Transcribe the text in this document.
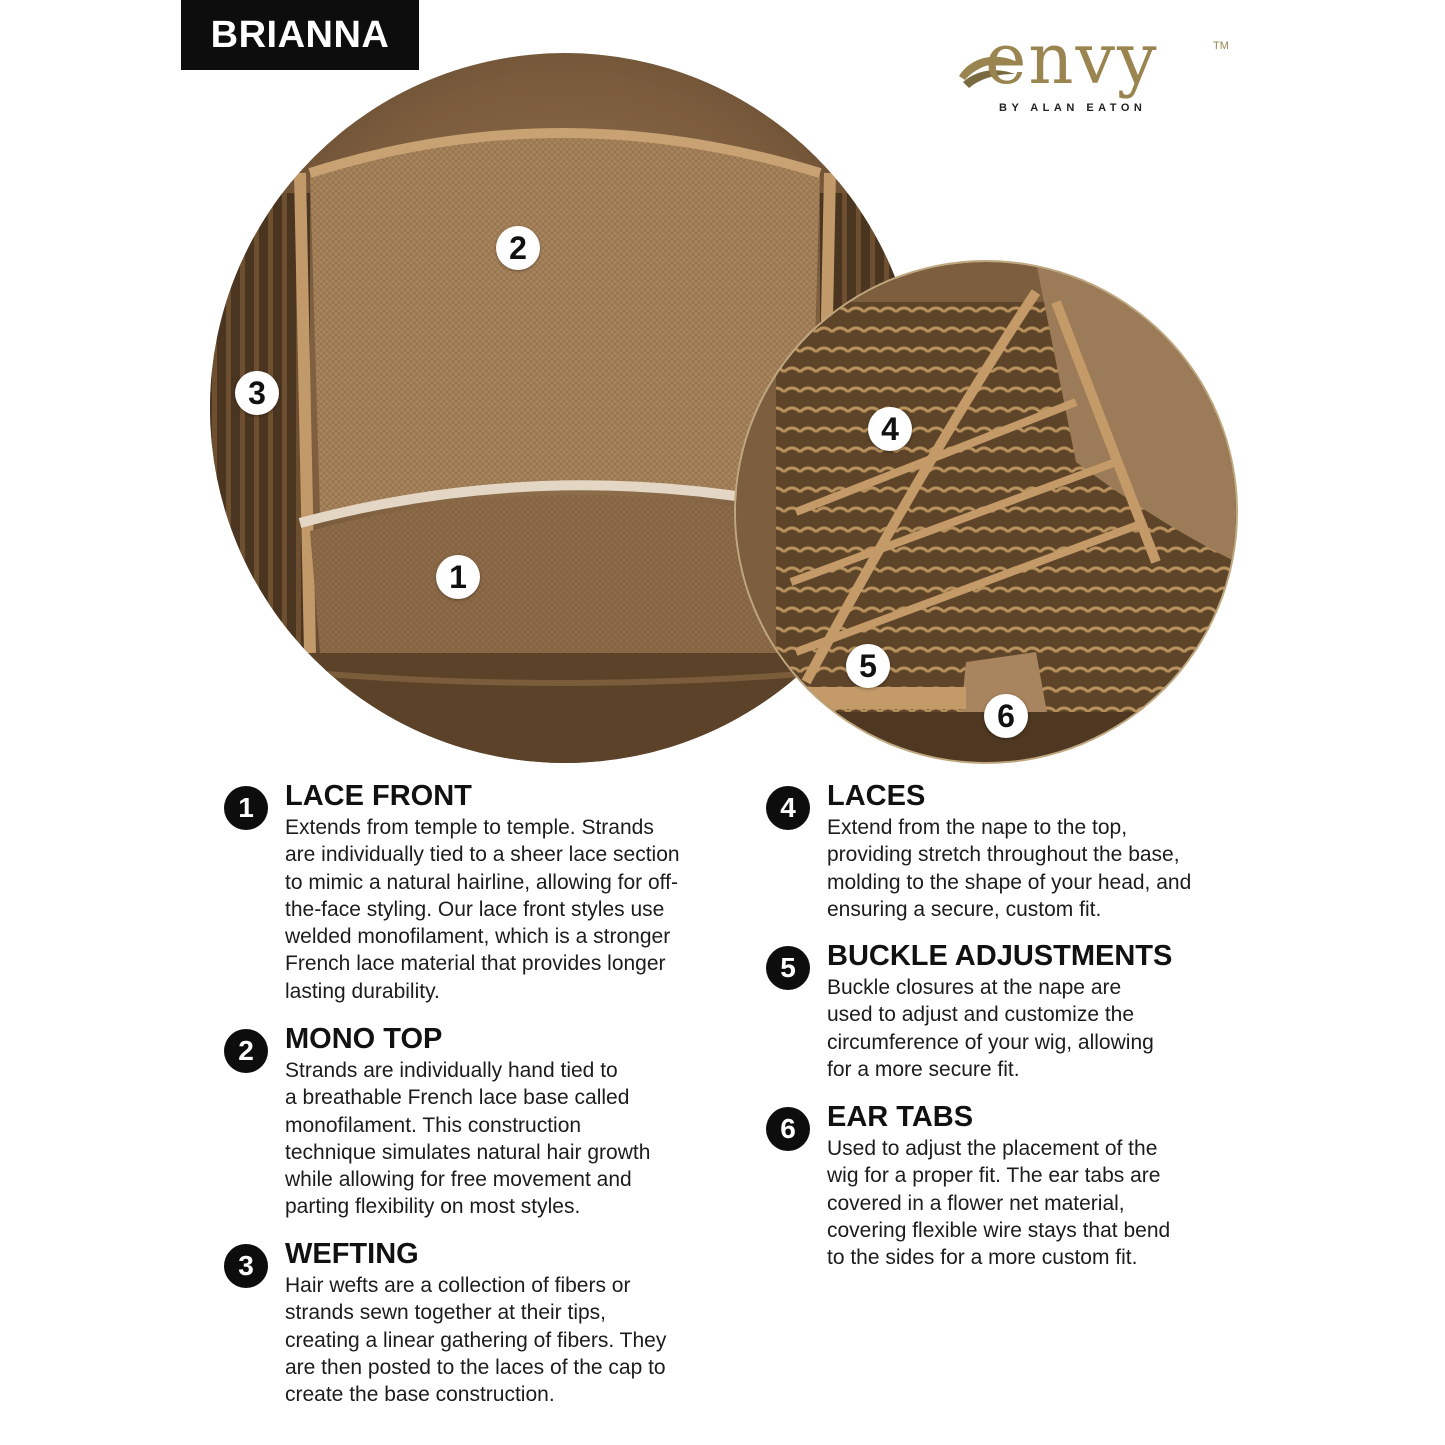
BRIANNA	envy	TM
BY ALAN EATON
2
3
1
4
5
6
1	LACE FRONT
Extends from temple to temple. Strands
are individually tied to a sheer lace section
to mimic a natural hairline, allowing for off-
the-face styling. Our lace front styles use
welded monofilament, which is a stronger
French lace material that provides longer
lasting durability.
2	MONO TOP
Strands are individually hand tied to
a breathable French lace base called
monofilament. This construction
technique simulates natural hair growth
while allowing for free movement and
parting flexibility on most styles.
3	WEFTING
Hair wefts are a collection of fibers or
strands sewn together at their tips,
creating a linear gathering of fibers. They
are then posted to the laces of the cap to
create the base construction.
4	LACES
Extend from the nape to the top,
providing stretch throughout the base,
molding to the shape of your head, and
ensuring a secure, custom fit.
5	BUCKLE ADJUSTMENTS
Buckle closures at the nape are
used to adjust and customize the
circumference of your wig, allowing
for a more secure fit.
6	EAR TABS
Used to adjust the placement of the
wig for a proper fit. The ear tabs are
covered in a flower net material,
covering flexible wire stays that bend
to the sides for a more custom fit.
